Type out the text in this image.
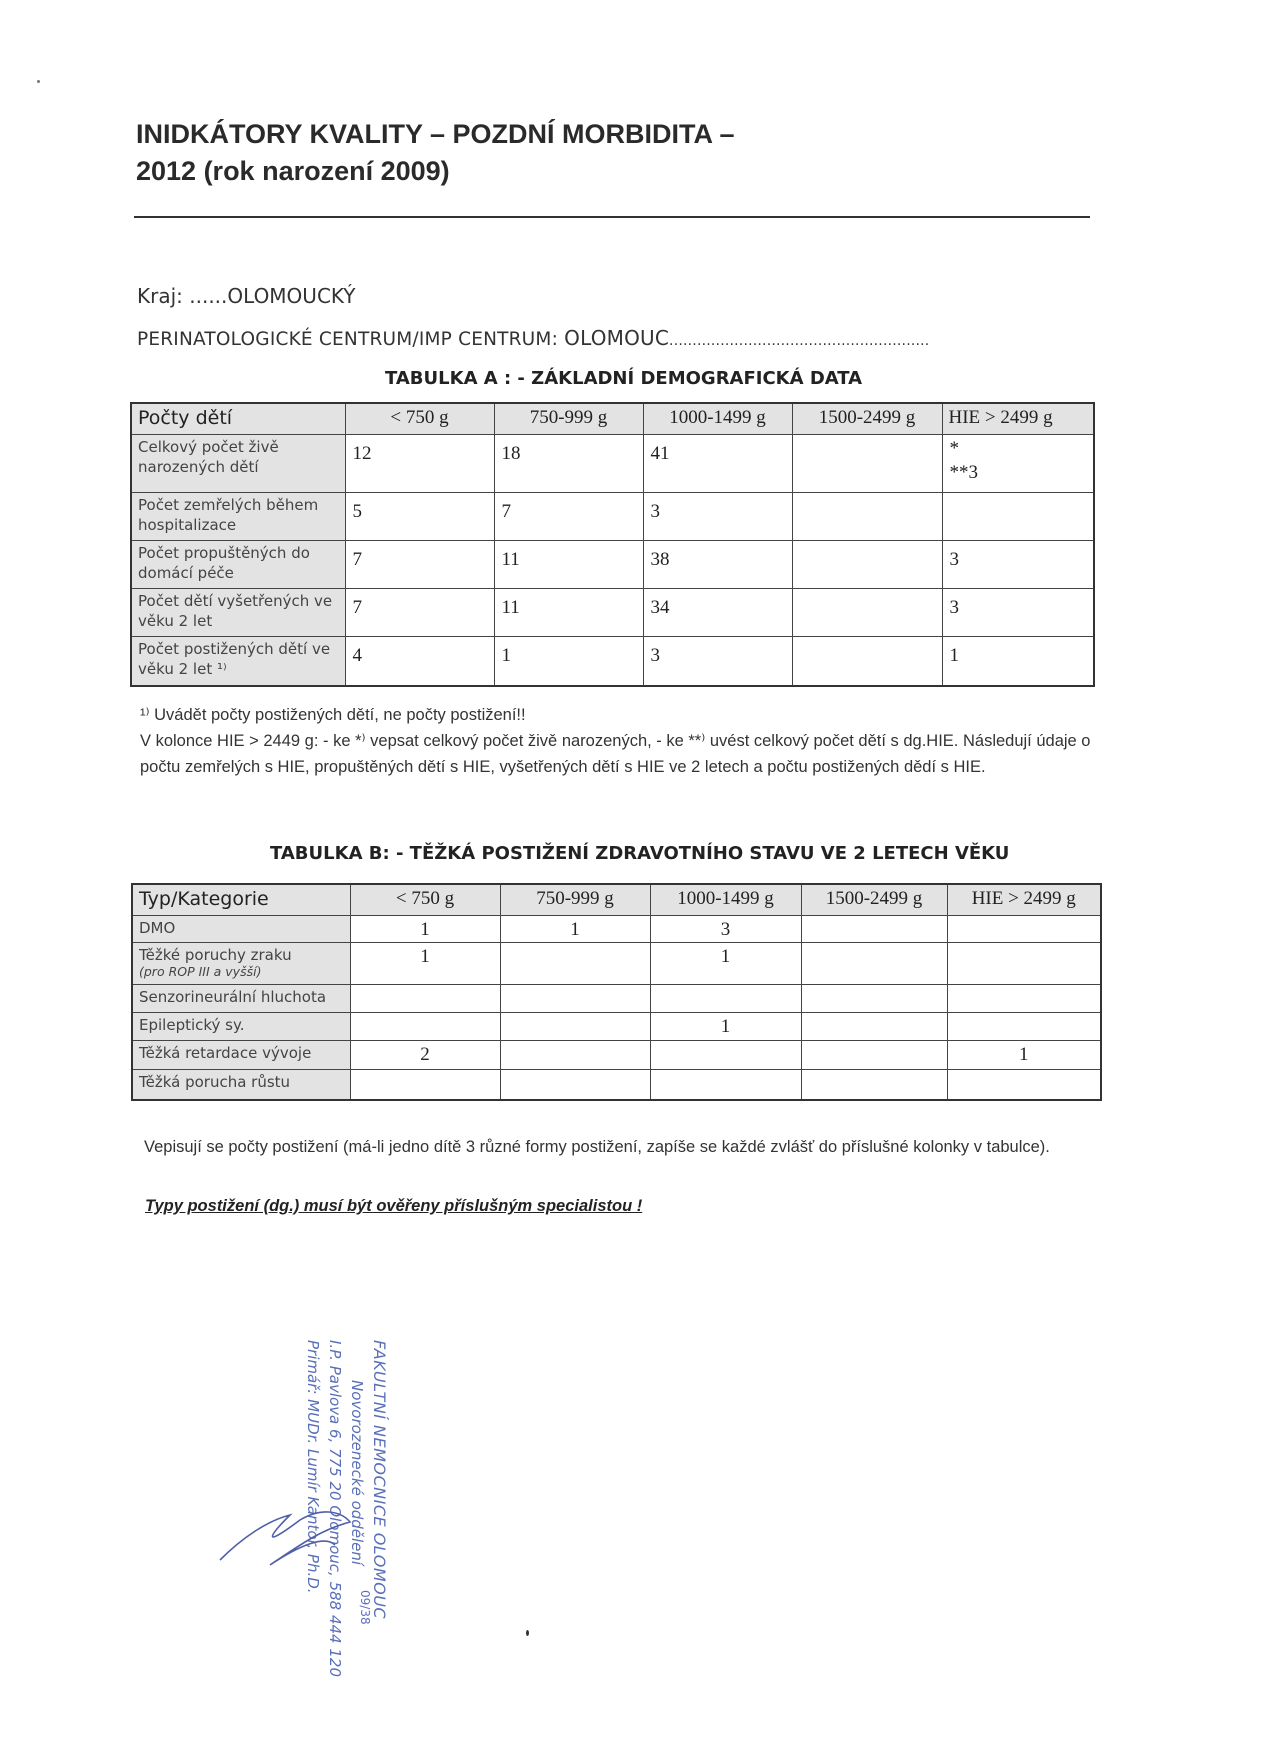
INIDKÁTORY KVALITY – POZDNÍ MORBIDITA –
2012 (rok narození 2009)
Kraj: ......OLOMOUCKÝ
PERINATOLOGICKÉ CENTRUM/IMP CENTRUM: OLOMOUC........................................................
TABULKA A : - ZÁKLADNÍ DEMOGRAFICKÁ DATA
Počty dětí	< 750 g	750-999 g	1000-1499 g	1500-2499 g	HIE > 2499 g
Celkový počet živě narozených dětí	12	18	41		*
**3

Počet zemřelých během hospitalizace	5	7	3		
Počet propuštěných do domácí péče	7	11	38		3
Počet dětí vyšetřených ve věku 2 let	7	11	34		3
Počet postižených dětí ve věku 2 let ¹⁾	4	1	3		1

¹⁾ Uvádět počty postižených dětí, ne počty postižení!!

V kolonce HIE > 2449 g: - ke *⁾ vepsat celkový počet živě narozených, - ke **⁾ uvést celkový počet dětí s dg.HIE. Následují údaje o počtu zemřelých s HIE, propuštěných dětí s HIE, vyšetřených dětí s HIE ve 2 letech a počtu postižených dědí s HIE.

TABULKA B: - TĚŽKÁ POSTIŽENÍ ZDRAVOTNÍHO STAVU VE 2 LETECH VĚKU
Typ/Kategorie	< 750 g	750-999 g	1000-1499 g	1500-2499 g	HIE > 2499 g
DMO	1	1	3		
Těžké poruchy zraku
(pro ROP III a vyšší)	1		1		
Senzorineurální hluchota					
Epileptický sy.			1		
Těžká retardace vývoje	2				1
Těžká porucha růstu					
Vepisují se počty postižení (má-li jedno dítě 3 různé formy postižení, zapíše se každé zvlášť do příslušné kolonky v tabulce).
Typy postižení (dg.) musí být ověřeny příslušným specialistou !
FAKULTNÍ NEMOCNICE OLOMOUC
Novorozenecké oddělení
I.P. Pavlova 6, 775 20 Olomouc, 588 444 120
Primář: MUDr. Lumír Kantor, Ph.D.
09/38
